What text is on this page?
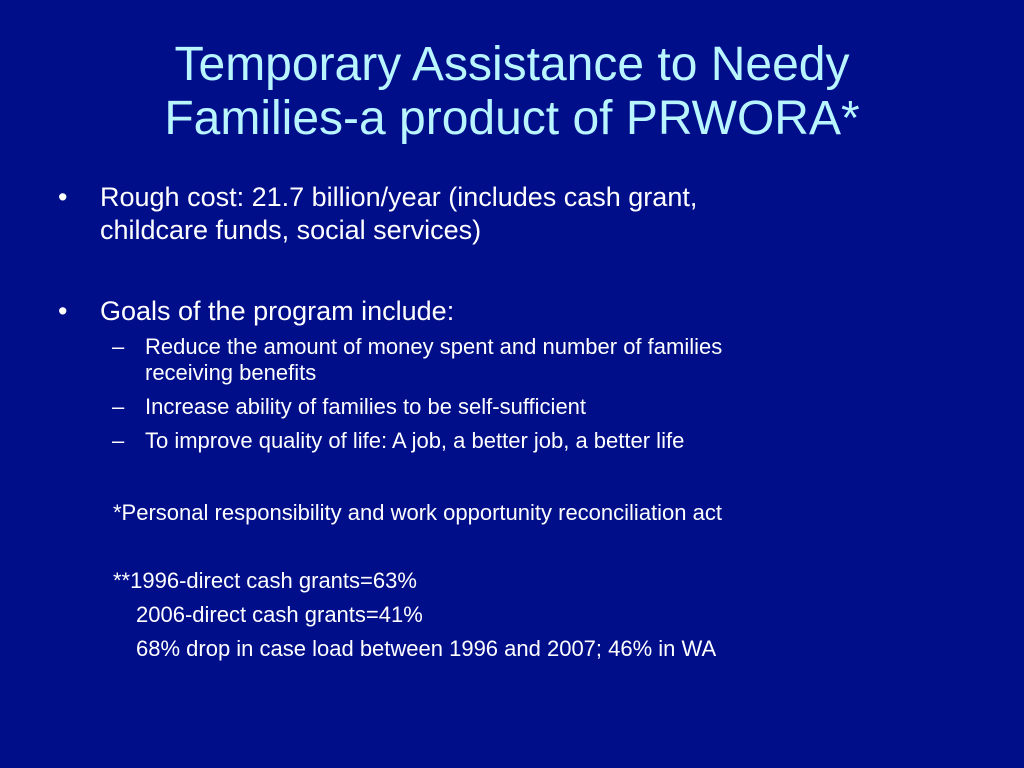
Temporary Assistance to Needy
Families-a product of PRWORA*
• Rough cost: 21.7 billion/year (includes cash grant,
childcare funds, social services)
• Goals of the program include:
– Reduce the amount of money spent and number of families
receiving benefits
– Increase ability of families to be self-sufficient
– To improve quality of life: A job, a better job, a better life
*Personal responsibility and work opportunity reconciliation act
**1996-direct cash grants=63%
2006-direct cash grants=41%
68% drop in case load between 1996 and 2007; 46% in WA
